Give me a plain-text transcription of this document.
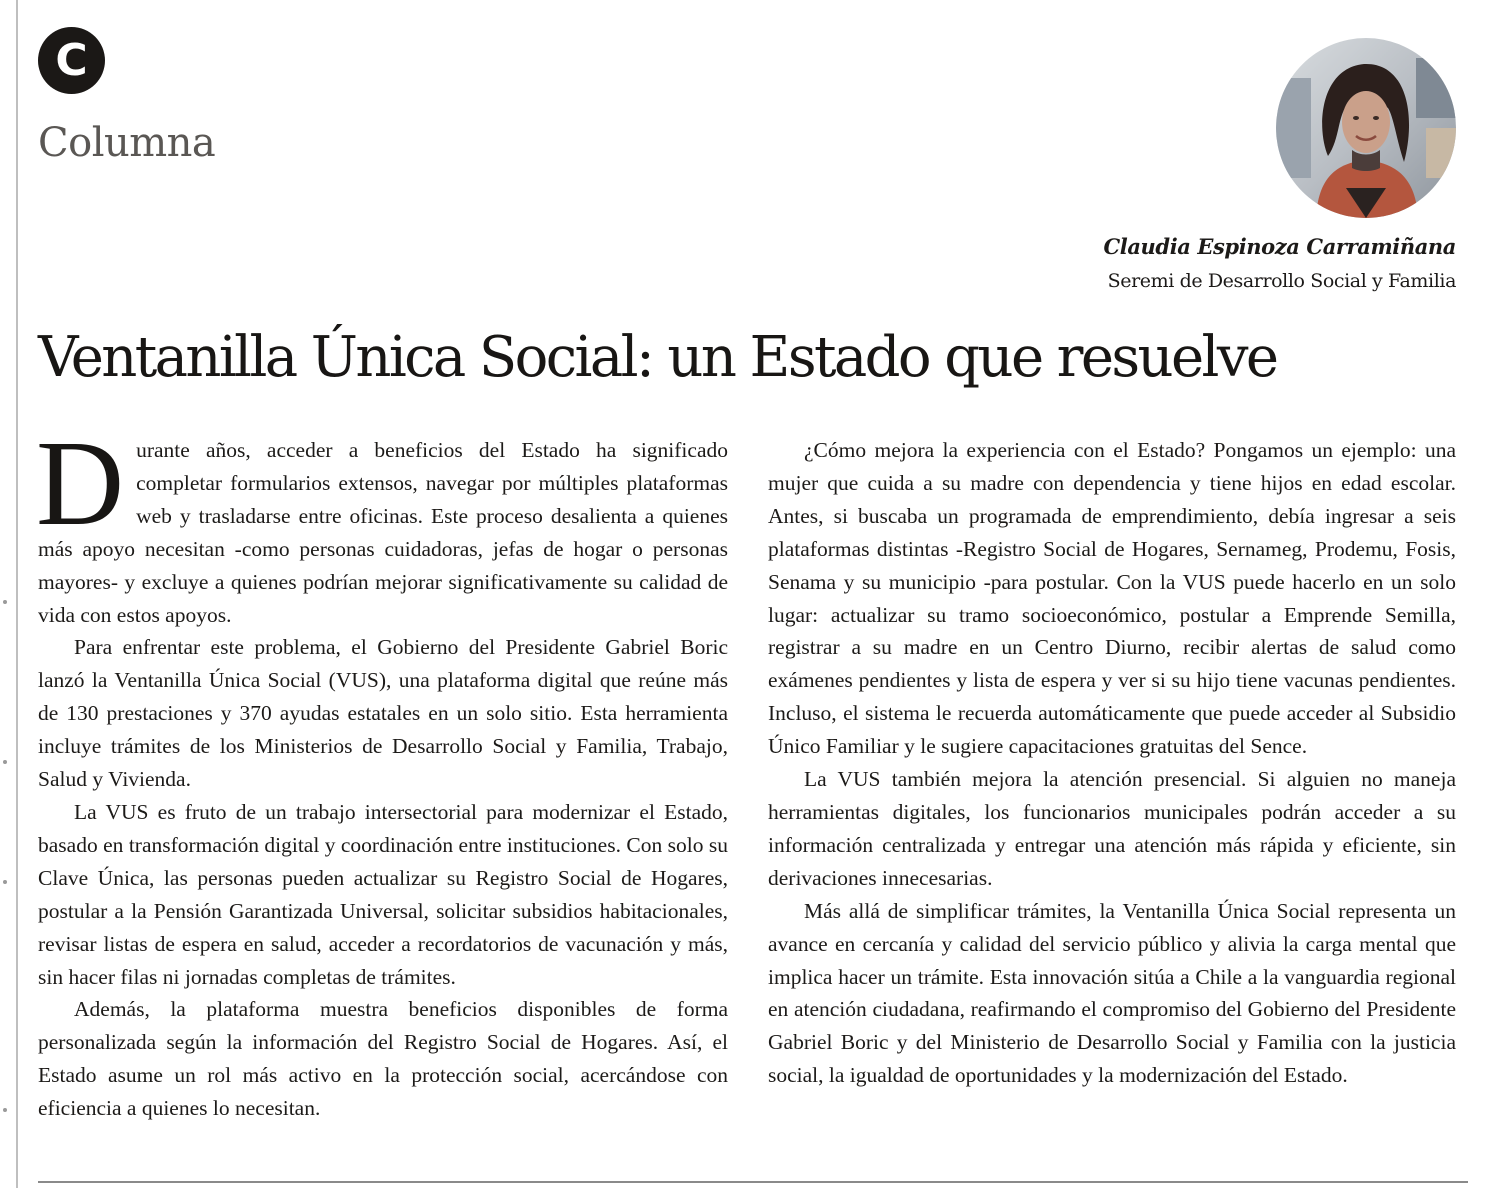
C
Columna
Claudia Espinoza Carramiñana
Seremi de Desarrollo Social y Familia
Ventanilla Única Social: un Estado que resuelve

Durante años, acceder a beneficios del Estado ha significado completar formularios extensos, navegar por múltiples plataformas web y trasladarse entre oficinas. Este proceso desalienta a quienes más apoyo necesitan -como personas cuidadoras, jefas de hogar o personas mayores- y excluye a quienes podrían mejorar significativamente su calidad de vida con estos apoyos.

Para enfrentar este problema, el Gobierno del Presidente Gabriel Boric lanzó la Ventanilla Única Social (VUS), una plataforma digital que reúne más de 130 prestaciones y 370 ayudas estatales en un solo sitio. Esta herramienta incluye trámites de los Ministerios de Desarrollo Social y Familia, Trabajo, Salud y Vivienda.

La VUS es fruto de un trabajo intersectorial para modernizar el Estado, basado en transformación digital y coordinación entre instituciones. Con solo su Clave Única, las personas pueden actualizar su Registro Social de Hogares, postular a la Pensión Garantizada Universal, solicitar subsidios habitacionales, revisar listas de espera en salud, acceder a recordatorios de vacunación y más, sin hacer filas ni jornadas completas de trámites.

Además, la plataforma muestra beneficios disponibles de forma personalizada según la información del Registro Social de Hogares. Así, el Estado asume un rol más activo en la protección social, acercándose con eficiencia a quienes lo necesitan.

¿Cómo mejora la experiencia con el Estado? Pongamos un ejemplo: una mujer que cuida a su madre con dependencia y tiene hijos en edad escolar. Antes, si buscaba un programada de emprendimiento, debía ingresar a seis plataformas distintas -Registro Social de Hogares, Sernameg, Prodemu, Fosis, Senama y su municipio -para postular. Con la VUS puede hacerlo en un solo lugar: actualizar su tramo socioeconómico, postular a Emprende Semilla, registrar a su madre en un Centro Diurno, recibir alertas de salud como exámenes pendientes y lista de espera y ver si su hijo tiene vacunas pendientes. Incluso, el sistema le recuerda automáticamente que puede acceder al Subsidio Único Familiar y le sugiere capacitaciones gratuitas del Sence.

La VUS también mejora la atención presencial. Si alguien no maneja herramientas digitales, los funcionarios municipales podrán acceder a su información centralizada y entregar una atención más rápida y eficiente, sin derivaciones innecesarias.

Más allá de simplificar trámites, la Ventanilla Única Social representa un avance en cercanía y calidad del servicio público y alivia la carga mental que implica hacer un trámite. Esta innovación sitúa a Chile a la vanguardia regional en atención ciudadana, reafirmando el compromiso del Gobierno del Presidente Gabriel Boric y del Ministerio de Desarrollo Social y Familia con la justicia social, la igualdad de oportunidades y la modernización del Estado.
